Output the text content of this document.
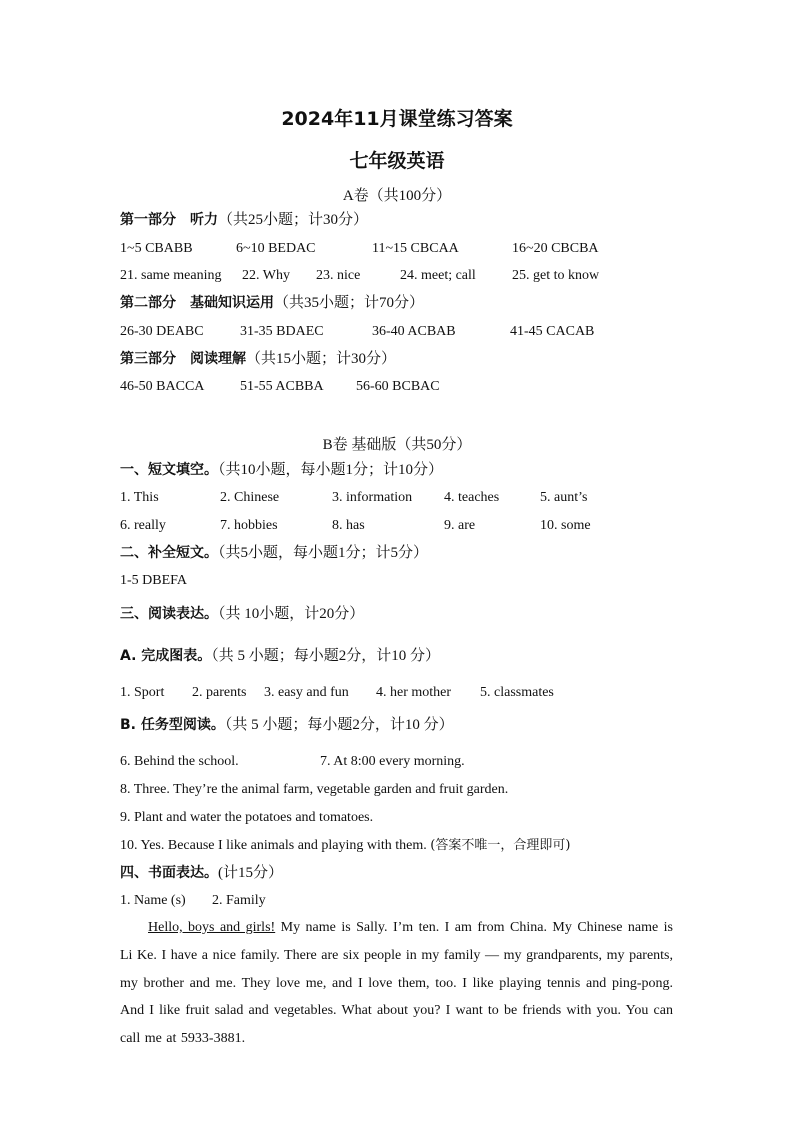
2024年11月课堂练习答案
七年级英语
A卷（共100分）
第一部分　听力（共25小题；计30分）
1~5 CBABB	6~10 BEDAC	11~15 CBCAA	16~20 CBCBA
21. same meaning 22. Why 23. nice	24. meet; call	25. get to know
第二部分　基础知识运用（共35小题；计70分）
26-30 DEABC	31-35 BDAEC	36-40 ACBAB	41-45 CACAB
第三部分　阅读理解（共15小题；计30分）
46-50 BACCA	51-55 ACBBA 56-60 BCBAC
B卷 基础版（共50分）
一、短文填空。（共10小题，每小题1分；计10分）
1. This	2. Chinese	3. information 4. teaches	5. aunt’s
6. really	7. hobbies	8. has	9. are	10. some
二、补全短文。（共5小题，每小题1分；计5分）
1-5 DBEFA
三、阅读表达。（共 10小题，计20分）
A. 完成图表。（共 5 小题；每小题2分，计10 分）
1. Sport 2. parents 3. easy and fun 4. her mother 5. classmates
B. 任务型阅读。（共 5 小题；每小题2分，计10 分）
6. Behind the school.	7. At 8:00 every morning.
8. Three. They’re the animal farm, vegetable garden and fruit garden.
9. Plant and water the potatoes and tomatoes.
10. Yes. Because I like animals and playing with them. (答案不唯一，合理即可)
四、书面表达。(计15分）
1. Name (s) 2. Family
Hello, boys and girls! My name is Sally. I’m ten. I am from China. My Chinese name is Li Ke. I have a nice family. There are six people in my family — my grandparents, my parents, my brother and me. They love me, and I love them, too. I like playing tennis and ping-pong. And I like fruit salad and vegetables. What about you? I want to be friends with you. You can call me at 5933-3881.
